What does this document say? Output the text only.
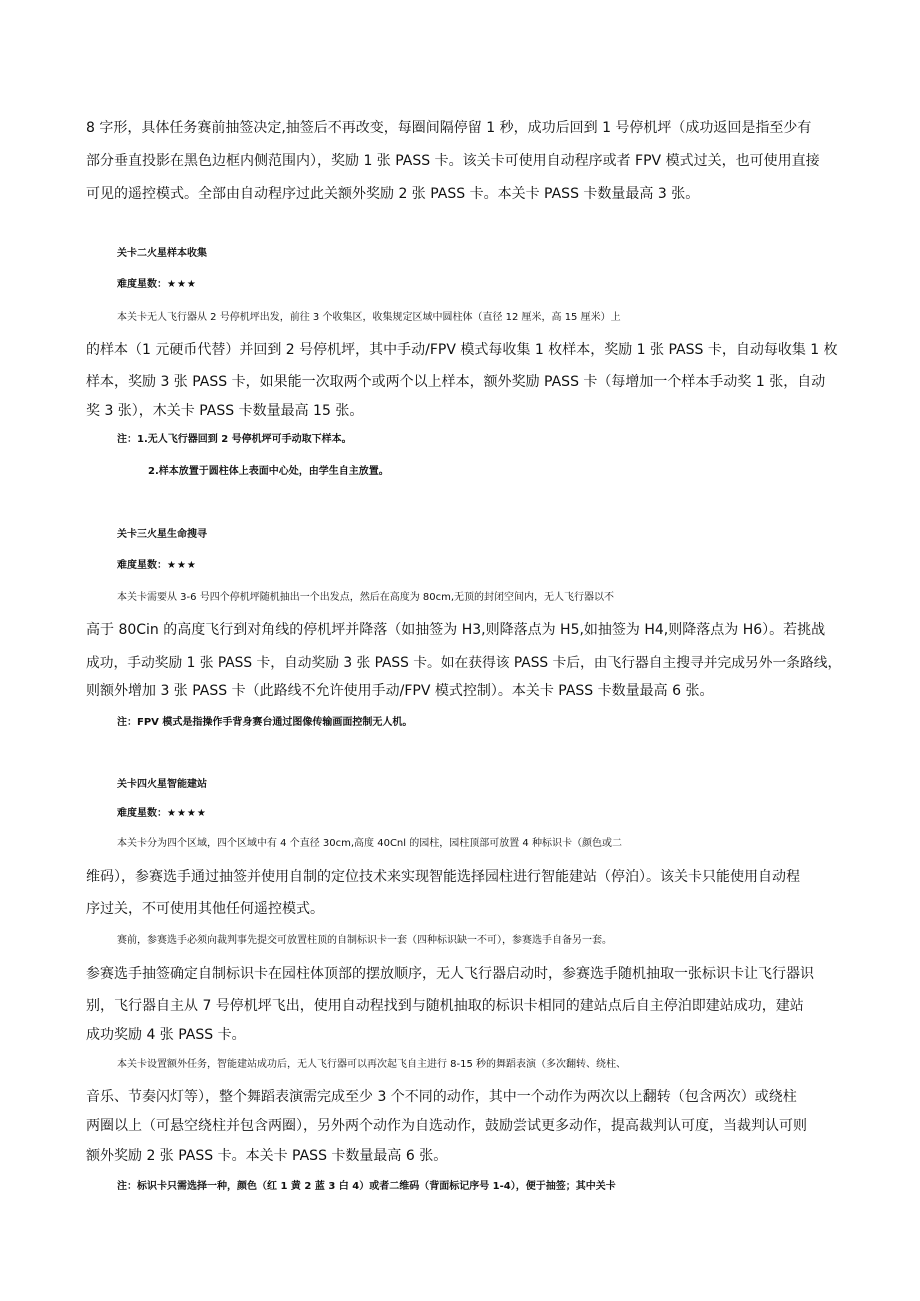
8 字形，具体任务赛前抽签决定,抽签后不再改变，每圈间隔停留 1 秒，成功后回到 1 号停机坪（成功返回是指至少有
部分垂直投影在黑色边框内侧范围内），奖励 1 张 PASS 卡。该关卡可使用自动程序或者 FPV 模式过关，也可使用直接
可见的遥控模式。全部由自动程序过此关额外奖励 2 张 PASS 卡。本关卡 PASS 卡数量最高 3 张。
关卡二火星样本收集
难度星数：★★★
本关卡无人飞行器从 2 号停机坪出发，前往 3 个收集区，收集规定区域中圆柱体（直径 12 厘米，高 15 厘米）上
的样本（1 元硬币代替）并回到 2 号停机坪，其中手动/FPV 模式每收集 1 枚样本，奖励 1 张 PASS 卡，自动每收集 1 枚
样本，奖励 3 张 PASS 卡，如果能一次取两个或两个以上样本，额外奖励 PASS 卡（每增加一个样本手动奖 1 张，自动
奖 3 张），木关卡 PASS 卡数量最高 15 张。
注：1.无人飞行器回到 2 号停机坪可手动取下样本。
2.样本放置于圆柱体上表面中心处，由学生自主放置。
关卡三火星生命搜寻
难度星数：★★★
本关卡需要从 3-6 号四个停机坪随机抽出一个出发点，然后在高度为 80cm,无顶的封闭空间内，无人飞行器以不
高于 80Cin 的高度飞行到对角线的停机坪并降落（如抽签为 H3,则降落点为 H5,如抽签为 H4,则降落点为 H6）。若挑战
成功，手动奖励 1 张 PASS 卡，自动奖励 3 张 PASS 卡。如在获得该 PASS 卡后，由飞行器自主搜寻并完成另外一条路线，
则额外增加 3 张 PASS 卡（此路线不允许使用手动/FPV 模式控制）。本关卡 PASS 卡数量最高 6 张。
注：FPV 模式是指操作手背身赛台通过图像传输画面控制无人机。
关卡四火星智能建站
难度星数：★★★★
本关卡分为四个区域，四个区域中有 4 个直径 30cm,高度 40Cnl 的园柱，园柱顶部可放置 4 种标识卡（颜色或二
维码），参赛选手通过抽签并使用自制的定位技术来实现智能选择园柱进行智能建站（停泊）。该关卡只能使用自动程
序过关，不可使用其他任何遥控模式。
赛前，参赛选手必须向裁判事先提交可放置柱顶的自制标识卡一套（四种标识缺一不可），参赛选手自备另一套。
参赛选手抽签确定自制标识卡在园柱体顶部的摆放顺序，无人飞行器启动时，参赛选手随机抽取一张标识卡让飞行器识
别，飞行器自主从 7 号停机坪飞出，使用自动程找到与随机抽取的标识卡相同的建站点后自主停泊即建站成功，建站
成功奖励 4 张 PASS 卡。
本关卡设置额外任务，智能建站成功后，无人飞行器可以再次起飞自主进行 8-15 秒的舞蹈表演（多次翻转、绕柱、
音乐、节奏闪灯等），整个舞蹈表演需完成至少 3 个不同的动作，其中一个动作为两次以上翻转（包含两次）或绕柱
两圈以上（可悬空绕柱并包含两圈），另外两个动作为自选动作，鼓励尝试更多动作，提高裁判认可度，当裁判认可则
额外奖励 2 张 PASS 卡。本关卡 PASS 卡数量最高 6 张。
注：标识卡只需选择一种，颜色（红 1 黄 2 蓝 3 白 4）或者二维码（背面标记序号 1-4），便于抽签；其中关卡
